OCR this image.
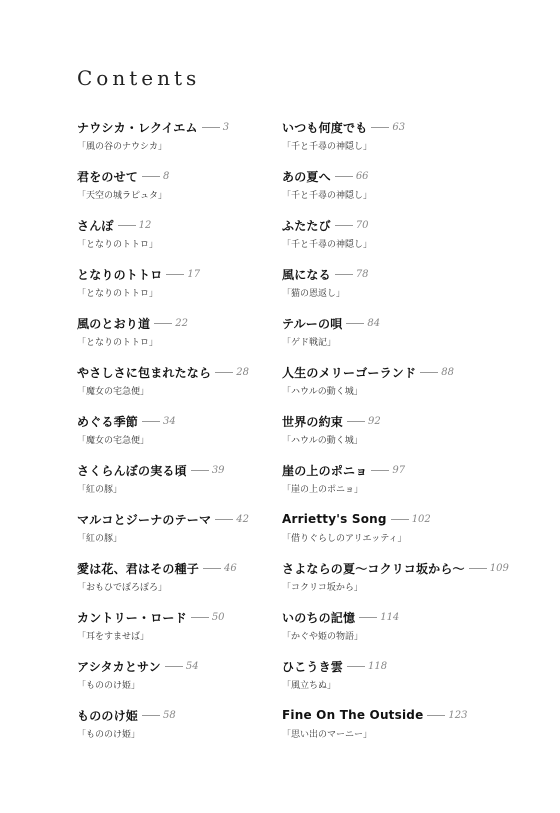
Contents
ナウシカ・レクイエム	3
「風の谷のナウシカ」
君をのせて	8
「天空の城ラピュタ」
さんぽ	12
「となりのトトロ」
となりのトトロ	17
「となりのトトロ」
風のとおり道	22
「となりのトトロ」
やさしさに包まれたなら	28
「魔女の宅急便」
めぐる季節	34
「魔女の宅急便」
さくらんぼの実る頃	39
「紅の豚」
マルコとジーナのテーマ	42
「紅の豚」
愛は花、君はその種子	46
「おもひでぽろぽろ」
カントリー・ロード	50
「耳をすませば」
アシタカとサン	54
「もののけ姫」
もののけ姫	58
「もののけ姫」
いつも何度でも	63
「千と千尋の神隠し」
あの夏へ	66
「千と千尋の神隠し」
ふたたび	70
「千と千尋の神隠し」
風になる	78
「猫の恩返し」
テルーの唄	84
「ゲド戦記」
人生のメリーゴーランド	88
「ハウルの動く城」
世界の約束	92
「ハウルの動く城」
崖の上のポニョ	97
「崖の上のポニョ」
Arrietty's Song	102
「借りぐらしのアリエッティ」
さよならの夏〜コクリコ坂から〜	109
「コクリコ坂から」
いのちの記憶	114
「かぐや姫の物語」
ひこうき雲	118
「風立ちぬ」
Fine On The Outside	123
「思い出のマーニー」
